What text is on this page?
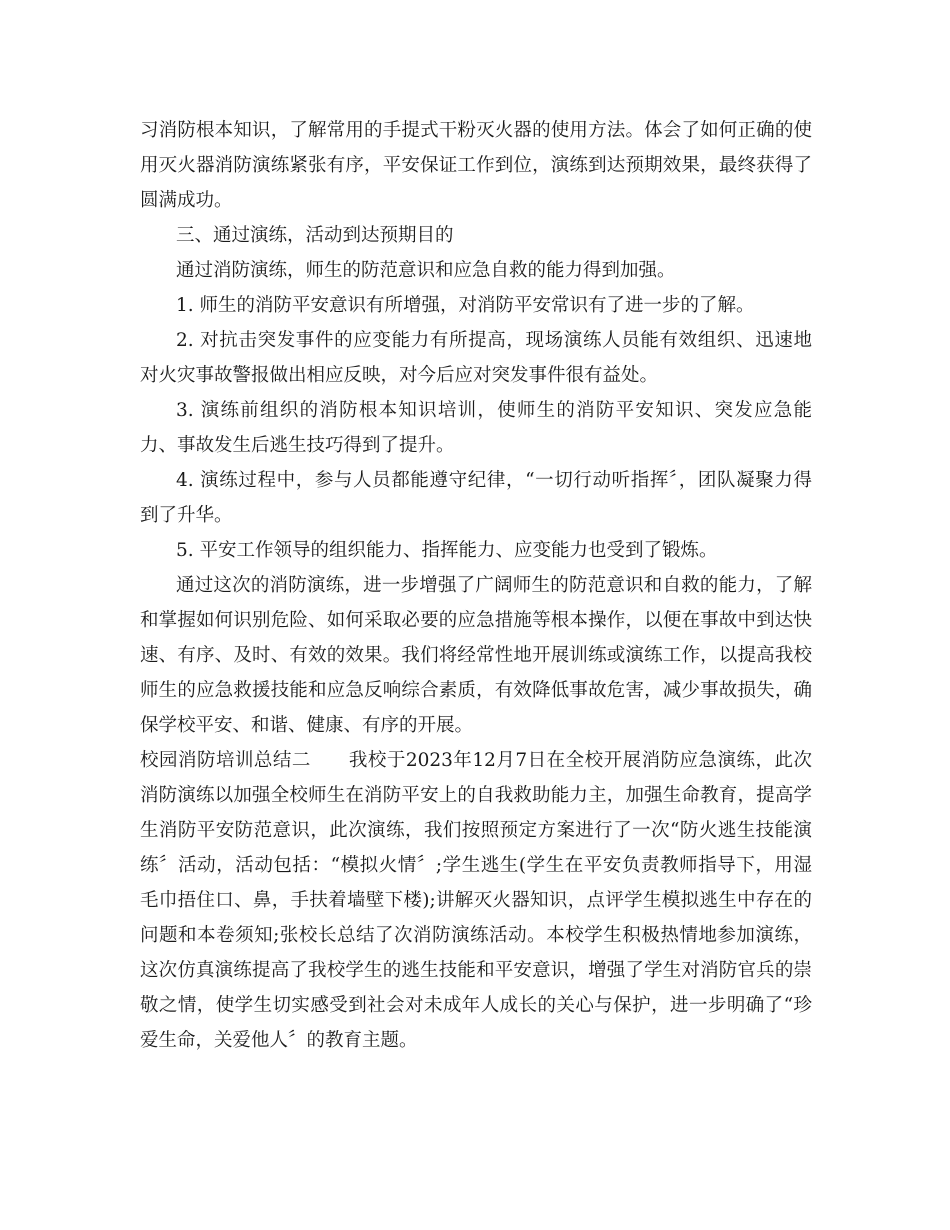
习消防根本知识，了解常用的手提式干粉灭火器的使用方法。体会了如何正确的使
用灭火器消防演练紧张有序，平安保证工作到位，演练到达预期效果，最终获得了
圆满成功。
三、通过演练，活动到达预期目的
通过消防演练，师生的防范意识和应急自救的能力得到加强。
1. 师生的消防平安意识有所增强，对消防平安常识有了进一步的了解。
2. 对抗击突发事件的应变能力有所提高，现场演练人员能有效组织、迅速地
对火灾事故警报做出相应反映，对今后应对突发事件很有益处。
3. 演练前组织的消防根本知识培训，使师生的消防平安知识、突发应急能
力、事故发生后逃生技巧得到了提升。
4. 演练过程中，参与人员都能遵守纪律，“一切行动听指挥〞，团队凝聚力得
到了升华。
5. 平安工作领导的组织能力、指挥能力、应变能力也受到了锻炼。
通过这次的消防演练，进一步增强了广阔师生的防范意识和自救的能力，了解
和掌握如何识别危险、如何采取必要的应急措施等根本操作，以便在事故中到达快
速、有序、及时、有效的效果。我们将经常性地开展训练或演练工作，以提高我校
师生的应急救援技能和应急反响综合素质，有效降低事故危害，减少事故损失，确
保学校平安、和谐、健康、有序的开展。
校园消防培训总结二　　我校于2023年12月7日在全校开展消防应急演练，此次
消防演练以加强全校师生在消防平安上的自我救助能力主，加强生命教育，提高学
生消防平安防范意识，此次演练，我们按照预定方案进行了一次“防火逃生技能演
练〞活动，活动包括：“模拟火情〞;学生逃生(学生在平安负责教师指导下，用湿
毛巾捂住口、鼻，手扶着墙壁下楼);讲解灭火器知识，点评学生模拟逃生中存在的
问题和本卷须知;张校长总结了次消防演练活动。本校学生积极热情地参加演练，
这次仿真演练提高了我校学生的逃生技能和平安意识，增强了学生对消防官兵的崇
敬之情，使学生切实感受到社会对未成年人成长的关心与保护，进一步明确了“珍
爱生命，关爱他人〞的教育主题。
